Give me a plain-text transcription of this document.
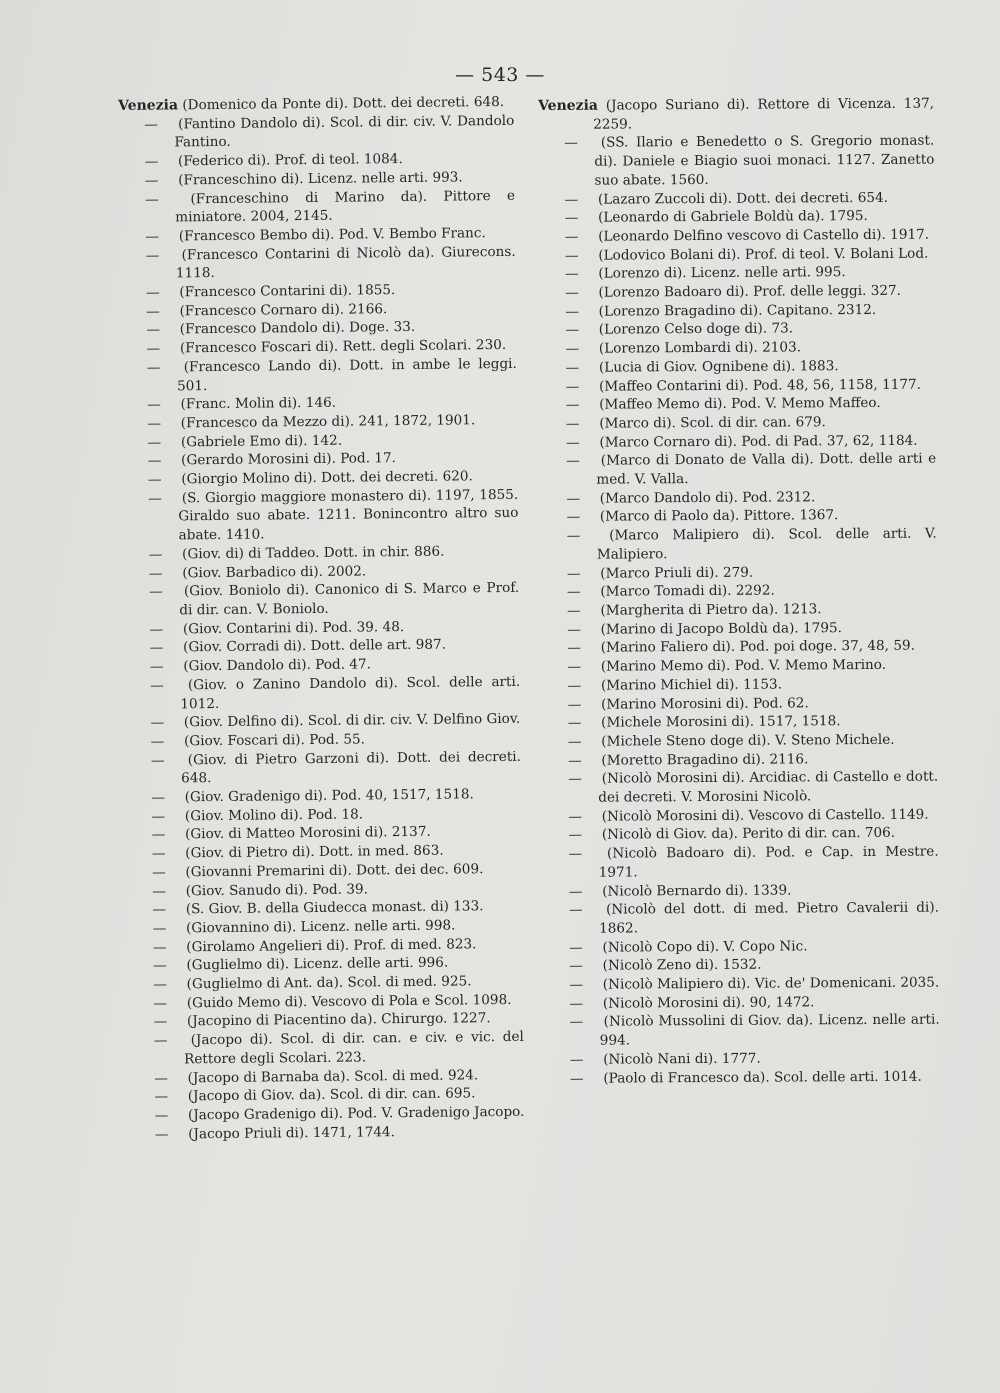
— 543 —
Venezia (Domenico da Ponte di). Dott. dei decreti. 648.
— (Fantino Dandolo di). Scol. di dir. civ. V. Dandolo Fantino.
— (Federico di). Prof. di teol. 1084.
— (Franceschino di). Licenz. nelle arti. 993.
— (Franceschino di Marino da). Pittore e miniatore. 2004, 2145.
— (Francesco Bembo di). Pod. V. Bembo Franc.
— (Francesco Contarini di Nicolò da). Giurecons. 1118.
— (Francesco Contarini di). 1855.
— (Francesco Cornaro di). 2166.
— (Francesco Dandolo di). Doge. 33.
— (Francesco Foscari di). Rett. degli Scolari. 230.
— (Francesco Lando di). Dott. in ambe le leggi. 501.
— (Franc. Molin di). 146.
— (Francesco da Mezzo di). 241, 1872, 1901.
— (Gabriele Emo di). 142.
— (Gerardo Morosini di). Pod. 17.
— (Giorgio Molino di). Dott. dei decreti. 620.
— (S. Giorgio maggiore monastero di). 1197, 1855. Giraldo suo abate. 1211. Bonincontro altro suo abate. 1410.
— (Giov. di) di Taddeo. Dott. in chir. 886.
— (Giov. Barbadico di). 2002.
— (Giov. Boniolo di). Canonico di S. Marco e Prof. di dir. can. V. Boniolo.
— (Giov. Contarini di). Pod. 39. 48.
— (Giov. Corradi di). Dott. delle art. 987.
— (Giov. Dandolo di). Pod. 47.
— (Giov. o Zanino Dandolo di). Scol. delle arti. 1012.
— (Giov. Delfino di). Scol. di dir. civ. V. Delfino Giov.
— (Giov. Foscari di). Pod. 55.
— (Giov. di Pietro Garzoni di). Dott. dei decreti. 648.
— (Giov. Gradenigo di). Pod. 40, 1517, 1518.
— (Giov. Molino di). Pod. 18.
— (Giov. di Matteo Morosini di). 2137.
— (Giov. di Pietro di). Dott. in med. 863.
— (Giovanni Premarini di). Dott. dei dec. 609.
— (Giov. Sanudo di). Pod. 39.
— (S. Giov. B. della Giudecca monast. di) 133.
— (Giovannino di). Licenz. nelle arti. 998.
— (Girolamo Angelieri di). Prof. di med. 823.
— (Guglielmo di). Licenz. delle arti. 996.
— (Guglielmo di Ant. da). Scol. di med. 925.
— (Guido Memo di). Vescovo di Pola e Scol. 1098.
— (Jacopino di Piacentino da). Chirurgo. 1227.
— (Jacopo di). Scol. di dir. can. e civ. e vic. del Rettore degli Scolari. 223.
— (Jacopo di Barnaba da). Scol. di med. 924.
— (Jacopo di Giov. da). Scol. di dir. can. 695.
— (Jacopo Gradenigo di). Pod. V. Gradenigo Jacopo.
— (Jacopo Priuli di). 1471, 1744.
Venezia (Jacopo Suriano di). Rettore di Vicenza. 137, 2259.
— (SS. Ilario e Benedetto o S. Gregorio monast. di). Daniele e Biagio suoi monaci. 1127. Zanetto suo abate. 1560.
— (Lazaro Zuccoli di). Dott. dei decreti. 654.
— (Leonardo di Gabriele Boldù da). 1795.
— (Leonardo Delfino vescovo di Castello di). 1917.
— (Lodovico Bolani di). Prof. di teol. V. Bolani Lod.
— (Lorenzo di). Licenz. nelle arti. 995.
— (Lorenzo Badoaro di). Prof. delle leggi. 327.
— (Lorenzo Bragadino di). Capitano. 2312.
— (Lorenzo Celso doge di). 73.
— (Lorenzo Lombardi di). 2103.
— (Lucia di Giov. Ognibene di). 1883.
— (Maffeo Contarini di). Pod. 48, 56, 1158, 1177.
— (Maffeo Memo di). Pod. V. Memo Maffeo.
— (Marco di). Scol. di dir. can. 679.
— (Marco Cornaro di). Pod. di Pad. 37, 62, 1184.
— (Marco di Donato de Valla di). Dott. delle arti e med. V. Valla.
— (Marco Dandolo di). Pod. 2312.
— (Marco di Paolo da). Pittore. 1367.
— (Marco Malipiero di). Scol. delle arti. V. Malipiero.
— (Marco Priuli di). 279.
— (Marco Tomadi di). 2292.
— (Margherita di Pietro da). 1213.
— (Marino di Jacopo Boldù da). 1795.
— (Marino Faliero di). Pod. poi doge. 37, 48, 59.
— (Marino Memo di). Pod. V. Memo Marino.
— (Marino Michiel di). 1153.
— (Marino Morosini di). Pod. 62.
— (Michele Morosini di). 1517, 1518.
— (Michele Steno doge di). V. Steno Michele.
— (Moretto Bragadino di). 2116.
— (Nicolò Morosini di). Arcidiac. di Castello e dott. dei decreti. V. Morosini Nicolò.
— (Nicolò Morosini di). Vescovo di Castello. 1149.
— (Nicolò di Giov. da). Perito di dir. can. 706.
— (Nicolò Badoaro di). Pod. e Cap. in Mestre. 1971.
— (Nicolò Bernardo di). 1339.
— (Nicolò del dott. di med. Pietro Cavalerii di). 1862.
— (Nicolò Copo di). V. Copo Nic.
— (Nicolò Zeno di). 1532.
— (Nicolò Malipiero di). Vic. de' Domenicani. 2035.
— (Nicolò Morosini di). 90, 1472.
— (Nicolò Mussolini di Giov. da). Licenz. nelle arti. 994.
— (Nicolò Nani di). 1777.
— (Paolo di Francesco da). Scol. delle arti. 1014.
